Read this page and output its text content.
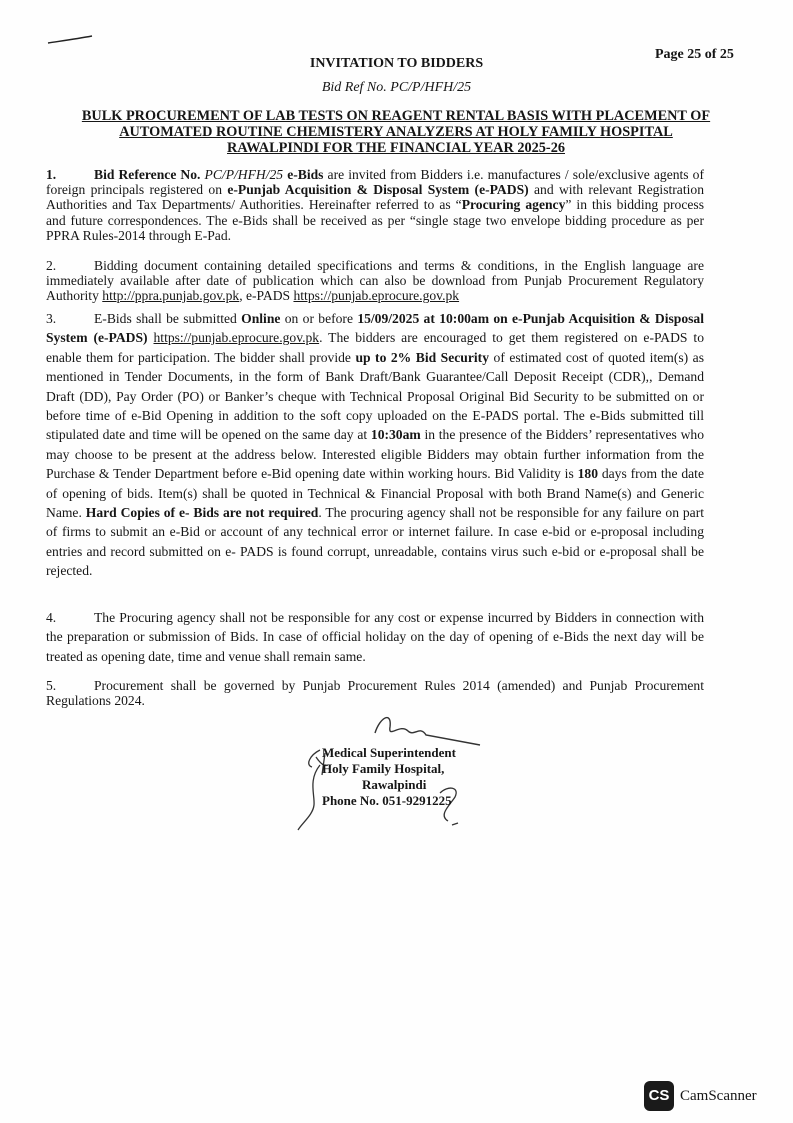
Page 25 of 25
INVITATION TO BIDDERS
Bid Ref No. PC/P/HFH/25
BULK PROCUREMENT OF LAB TESTS ON REAGENT RENTAL BASIS WITH PLACEMENT OF
AUTOMATED ROUTINE CHEMISTERY ANALYZERS AT HOLY FAMILY HOSPITAL
RAWALPINDI FOR THE FINANCIAL YEAR 2025-26
1.	Bid Reference No. PC/P/HFH/25 e-Bids are invited from Bidders i.e. manufactures / sole/exclusive agents of foreign principals registered on e-Punjab Acquisition & Disposal System (e-PADS) and with relevant Registration Authorities and Tax Departments/ Authorities. Hereinafter referred to as “Procuring agency” in this bidding process and future correspondences. The e-Bids shall be received as per “single stage two envelope bidding procedure as per PPRA Rules-2014 through E-Pad.
2.	Bidding document containing detailed specifications and terms & conditions, in the English language are immediately available after date of publication which can also be download from Punjab Procurement Regulatory Authority http://ppra.punjab.gov.pk, e-PADS https://punjab.eprocure.gov.pk
3.	E-Bids shall be submitted Online on or before 15/09/2025 at 10:00am on e-Punjab Acquisition & Disposal System (e-PADS) https://punjab.eprocure.gov.pk. The bidders are encouraged to get them registered on e-PADS to enable them for participation. The bidder shall provide up to 2% Bid Security of estimated cost of quoted item(s) as mentioned in Tender Documents, in the form of Bank Draft/Bank Guarantee/Call Deposit Receipt (CDR),, Demand Draft (DD), Pay Order (PO) or Banker’s cheque with Technical Proposal Original Bid Security to be submitted on or before time of e-Bid Opening in addition to the soft copy uploaded on the E-PADS portal. The e-Bids submitted till stipulated date and time will be opened on the same day at 10:30am in the presence of the Bidders’ representatives who may choose to be present at the address below. Interested eligible Bidders may obtain further information from the Purchase & Tender Department before e-Bid opening date within working hours. Bid Validity is 180 days from the date of opening of bids. Item(s) shall be quoted in Technical & Financial Proposal with both Brand Name(s) and Generic Name. Hard Copies of e- Bids are not required. The procuring agency shall not be responsible for any failure on part of firms to submit an e-Bid or account of any technical error or internet failure. In case e-bid or e-proposal including entries and record submitted on e- PADS is found corrupt, unreadable, contains virus such e-bid or e-proposal shall be rejected.
4.	The Procuring agency shall not be responsible for any cost or expense incurred by Bidders in connection with the preparation or submission of Bids. In case of official holiday on the day of opening of e-Bids the next day will be treated as opening date, time and venue shall remain same.
5.	Procurement shall be governed by Punjab Procurement Rules 2014 (amended) and Punjab Procurement Regulations 2024.
Medical Superintendent
Holy Family Hospital,
Rawalpindi
Phone No. 051-9291225
CS CamScanner
